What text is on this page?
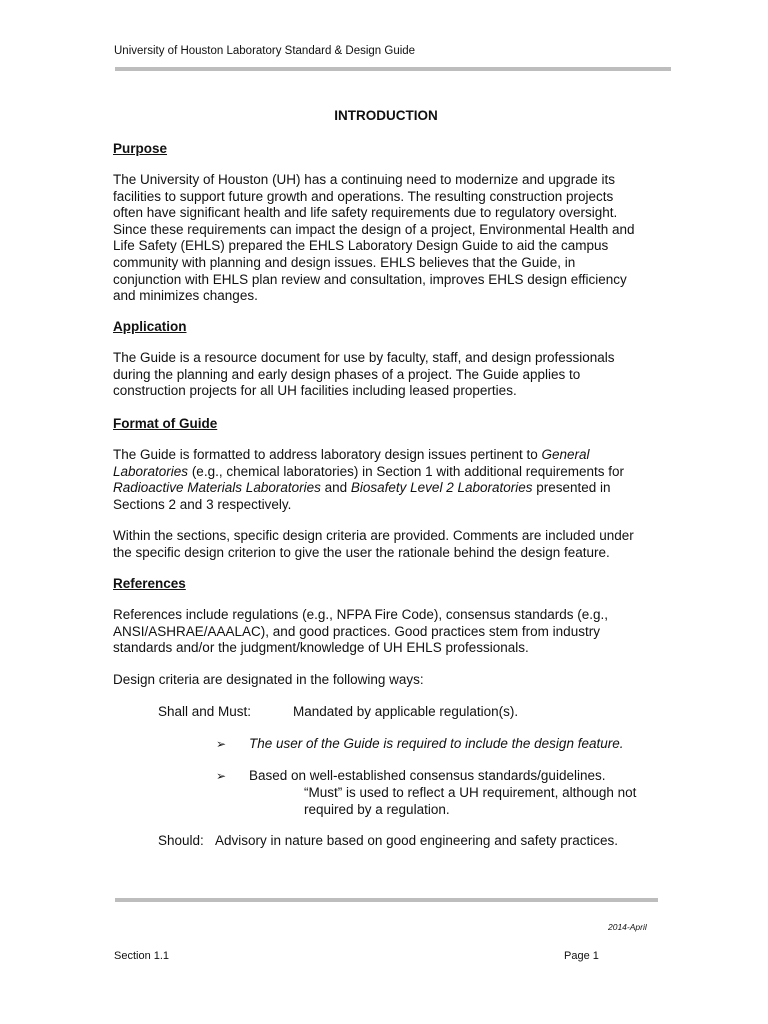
University of Houston Laboratory Standard & Design Guide
INTRODUCTION
Purpose
The University of Houston (UH) has a continuing need to modernize and upgrade its
facilities to support future growth and operations. The resulting construction projects
often have significant health and life safety requirements due to regulatory oversight.
Since these requirements can impact the design of a project, Environmental Health and
Life Safety (EHLS) prepared the EHLS Laboratory Design Guide to aid the campus
community with planning and design issues. EHLS believes that the Guide, in
conjunction with EHLS plan review and consultation, improves EHLS design efficiency
and minimizes changes.
Application
The Guide is a resource document for use by faculty, staff, and design professionals
during the planning and early design phases of a project. The Guide applies to
construction projects for all UH facilities including leased properties.
Format of Guide
The Guide is formatted to address laboratory design issues pertinent to General
Laboratories (e.g., chemical laboratories) in Section 1 with additional requirements for
Radioactive Materials Laboratories and Biosafety Level 2 Laboratories presented in
Sections 2 and 3 respectively.
Within the sections, specific design criteria are provided. Comments are included under
the specific design criterion to give the user the rationale behind the design feature.
References
References include regulations (e.g., NFPA Fire Code), consensus standards (e.g.,
ANSI/ASHRAE/AAALAC), and good practices. Good practices stem from industry
standards and/or the judgment/knowledge of UH EHLS professionals.
Design criteria are designated in the following ways:
Shall and Must:	Mandated by applicable regulation(s).
➢ The user of the Guide is required to include the design feature.
➢ Based on well-established consensus standards/guidelines.
“Must” is used to reflect a UH requirement, although not
required by a regulation.
Should: Advisory in nature based on good engineering and safety practices.
2014-April
Section 1.1	Page 1
